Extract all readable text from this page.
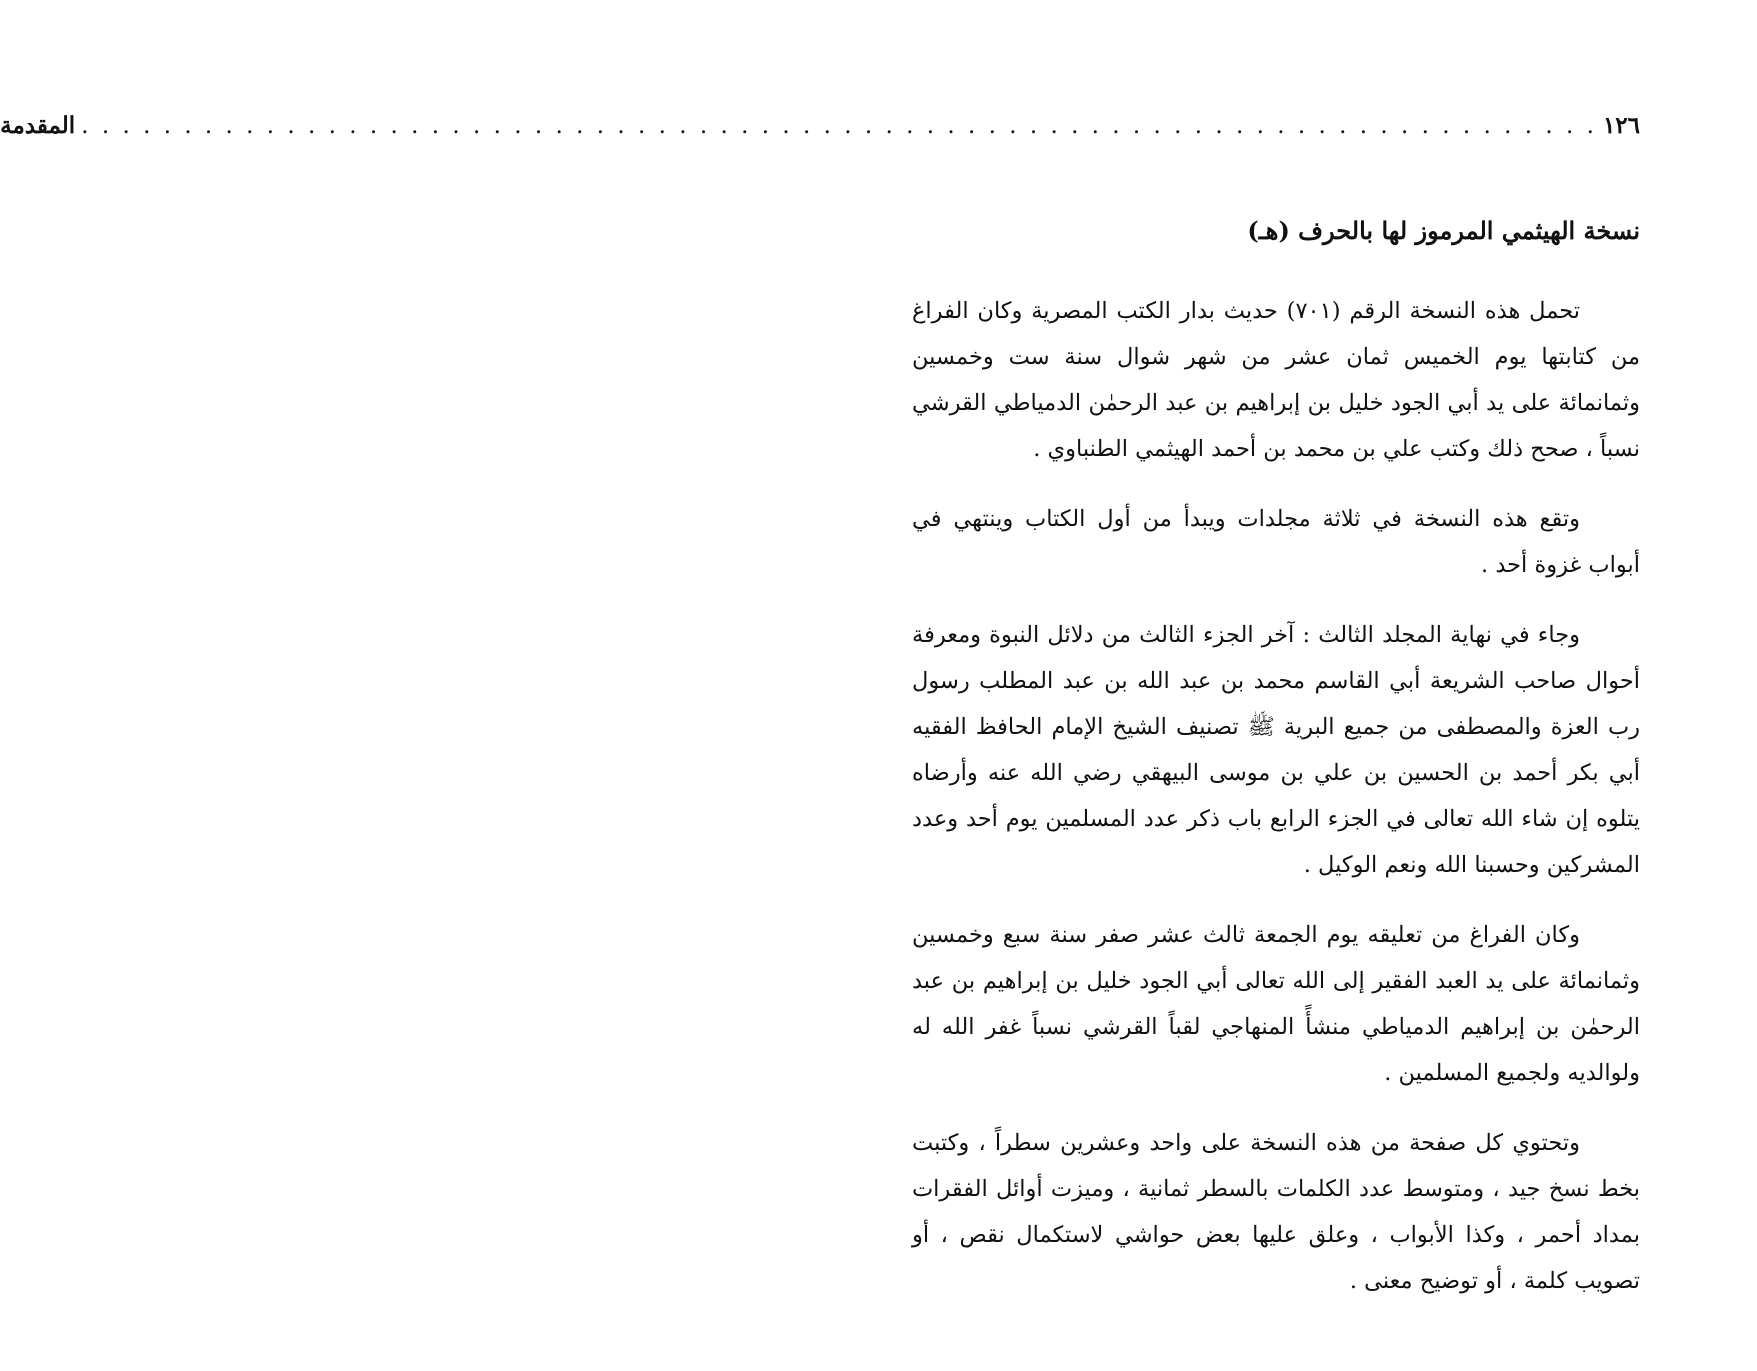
١٢٦
. . . . . . . . . . . . . . . . . . . . . . . . . . . . . . . . . . . . . . . . . . . . . . . . . . . . . . . . . . . . . . . . . . . . . . . . . .
المقدمة
نسخة الهيثمي المرموز لها بالحرف (هـ)

تحمل هذه النسخة الرقم (٧٠١) حديث بدار الكتب المصرية وكان الفراغ من كتابتها يوم الخميس ثمان عشر من شهر شوال سنة ست وخمسين وثمانمائة على يد أبي الجود خليل بن إبراهيم بن عبد الرحمٰن الدمياطي القرشي نسباً ، صحح ذلك وكتب علي بن محمد بن أحمد الهيثمي الطنباوي .

وتقع هذه النسخة في ثلاثة مجلدات ويبدأ من أول الكتاب وينتهي في أبواب غزوة أحد .

وجاء في نهاية المجلد الثالث : آخر الجزء الثالث من دلائل النبوة ومعرفة أحوال صاحب الشريعة أبي القاسم محمد بن عبد الله بن عبد المطلب رسول رب العزة والمصطفى من جميع البرية ﷺ تصنيف الشيخ الإمام الحافظ الفقيه أبي بكر أحمد بن الحسين بن علي بن موسى البيهقي رضي الله عنه وأرضاه يتلوه إن شاء الله تعالى في الجزء الرابع باب ذكر عدد المسلمين يوم أحد وعدد المشركين وحسبنا الله ونعم الوكيل .

وكان الفراغ من تعليقه يوم الجمعة ثالث عشر صفر سنة سبع وخمسين وثمانمائة على يد العبد الفقير إلى الله تعالى أبي الجود خليل بن إبراهيم بن عبد الرحمٰن بن إبراهيم الدمياطي منشأً المنهاجي لقباً القرشي نسباً غفر الله له ولوالديه ولجميع المسلمين .

وتحتوي كل صفحة من هذه النسخة على واحد وعشرين سطراً ، وكتبت بخط نسخ جيد ، ومتوسط عدد الكلمات بالسطر ثمانية ، وميزت أوائل الفقرات بمداد أحمر ، وكذا الأبواب ، وعلق عليها بعض حواشي لاستكمال نقص ، أو تصويب كلمة ، أو توضيح معنى .
